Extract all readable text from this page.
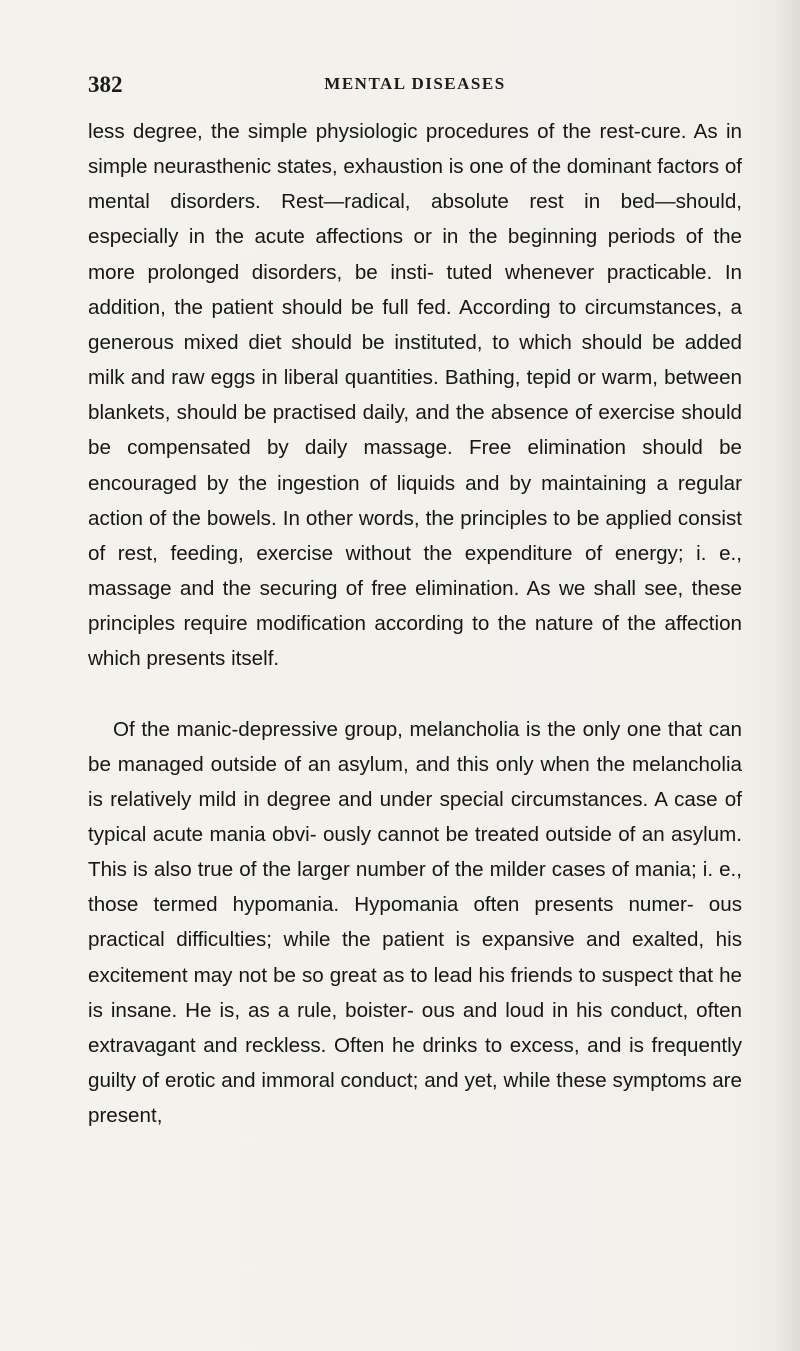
382	MENTAL DISEASES

less degree, the simple physiologic procedures of the rest-cure. As in simple neurasthenic states, exhaustion is one of the dominant factors of mental disorders. Rest—radical, absolute rest in bed—should, especially in the acute affections or in the beginning periods of the more prolonged disorders, be insti- tuted whenever practicable. In addition, the patient should be full fed. According to circumstances, a generous mixed diet should be instituted, to which should be added milk and raw eggs in liberal quantities. Bathing, tepid or warm, between blankets, should be practised daily, and the absence of exercise should be compensated by daily massage. Free elimination should be encouraged by the ingestion of liquids and by maintaining a regular action of the bowels. In other words, the principles to be applied consist of rest, feeding, exercise without the expenditure of energy; i. e., massage and the securing of free elimination. As we shall see, these principles require modification according to the nature of the affection which presents itself.

Of the manic-depressive group, melancholia is the only one that can be managed outside of an asylum, and this only when the melancholia is relatively mild in degree and under special circumstances. A case of typical acute mania obvi- ously cannot be treated outside of an asylum. This is also true of the larger number of the milder cases of mania; i. e., those termed hypomania. Hypomania often presents numer- ous practical difficulties; while the patient is expansive and exalted, his excitement may not be so great as to lead his friends to suspect that he is insane. He is, as a rule, boister- ous and loud in his conduct, often extravagant and reckless. Often he drinks to excess, and is frequently guilty of erotic and immoral conduct; and yet, while these symptoms are present,
